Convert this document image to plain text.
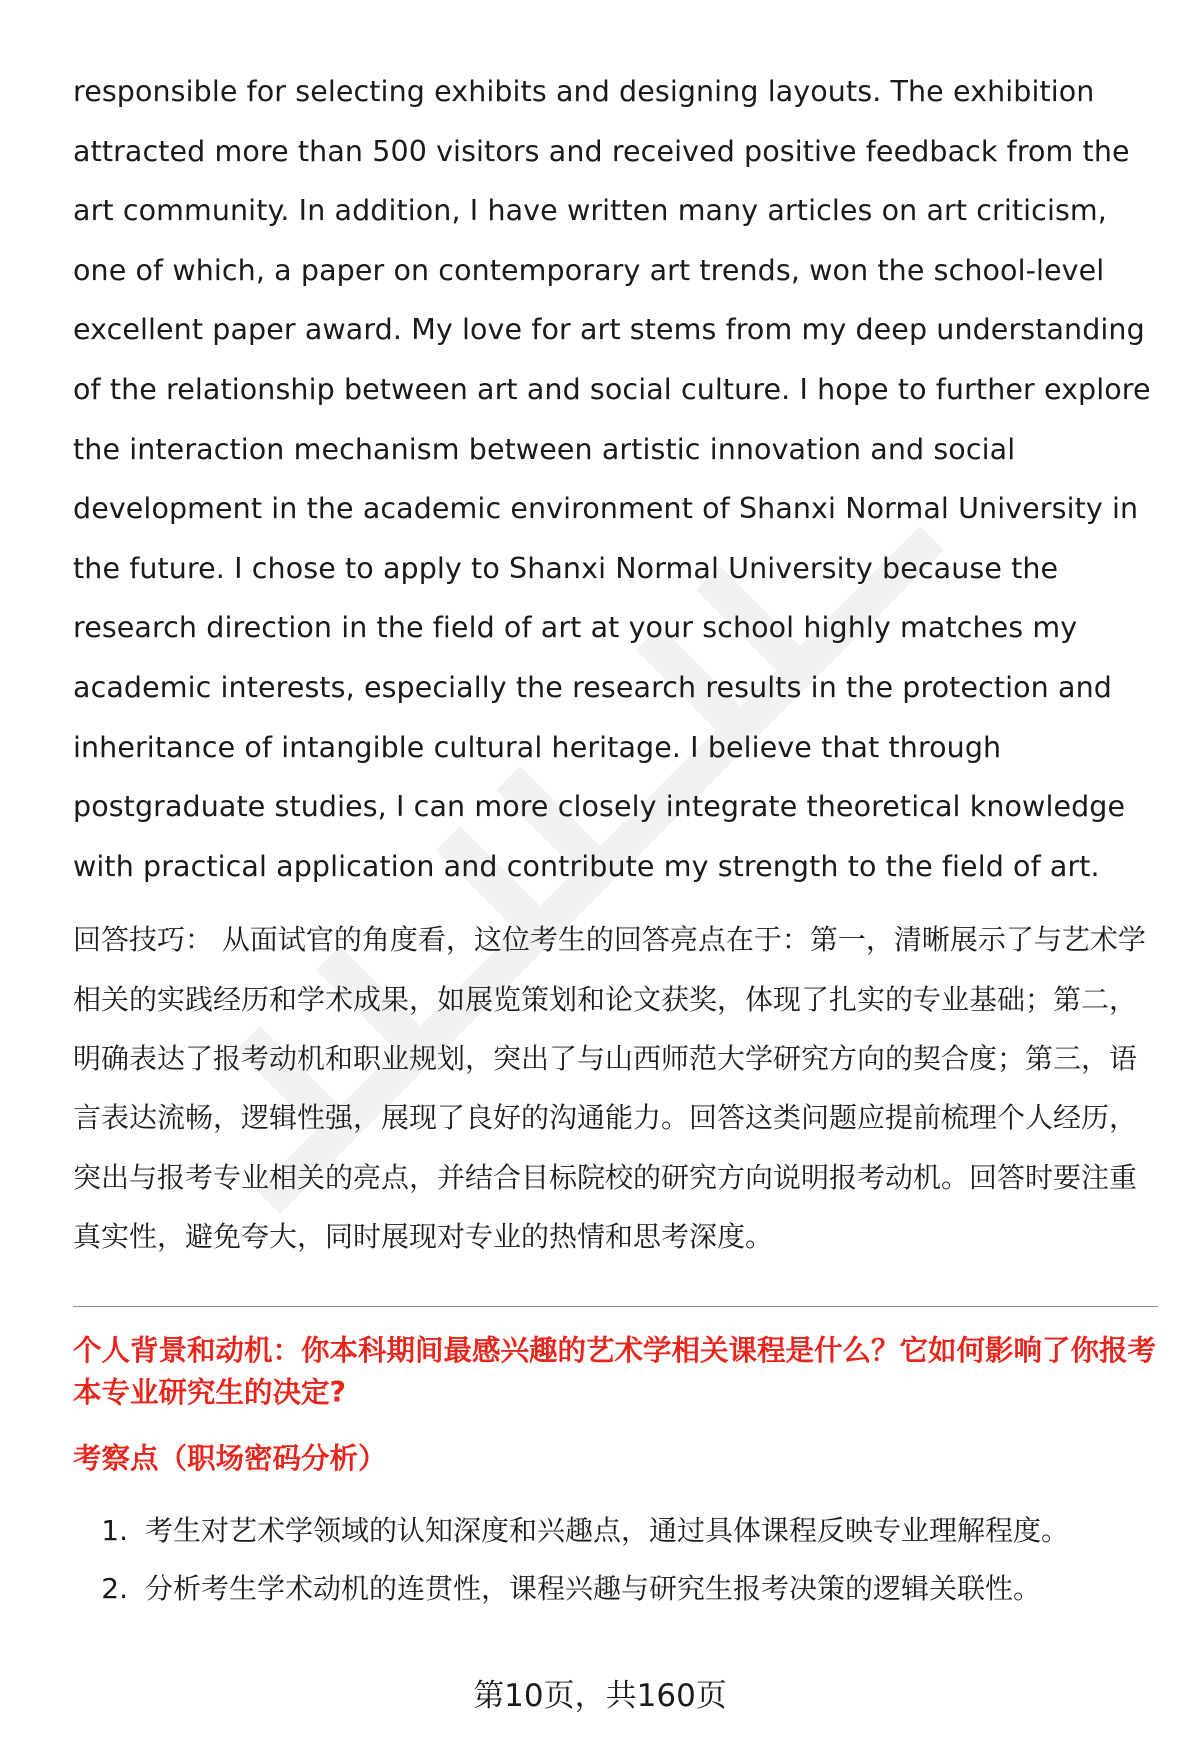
responsible for selecting exhibits and designing layouts. The exhibition attracted more than 500 visitors and received positive feedback from the art community. In addition, I have written many articles on art criticism, one of which, a paper on contemporary art trends, won the school-level excellent paper award. My love for art stems from my deep understanding of the relationship between art and social culture. I hope to further explore the interaction mechanism between artistic innovation and social development in the academic environment of Shanxi Normal University in the future. I chose to apply to Shanxi Normal University because the research direction in the field of art at your school highly matches my academic interests, especially the research results in the protection and inheritance of intangible cultural heritage. I believe that through postgraduate studies, I can more closely integrate theoretical knowledge with practical application and contribute my strength to the field of art.

回答技巧： 从面试官的角度看，这位考生的回答亮点在于：第一，清晰展示了与艺术学相关的实践经历和学术成果，如展览策划和论文获奖，体现了扎实的专业基础；第二，明确表达了报考动机和职业规划，突出了与山西师范大学研究方向的契合度；第三，语言表达流畅，逻辑性强，展现了良好的沟通能力。回答这类问题应提前梳理个人经历，突出与报考专业相关的亮点，并结合目标院校的研究方向说明报考动机。回答时要注重真实性，避免夸大，同时展现对专业的热情和思考深度。

个人背景和动机：你本科期间最感兴趣的艺术学相关课程是什么？它如何影响了你报考本专业研究生的决定?

考察点（职场密码分析）

1. 考生对艺术学领域的认知深度和兴趣点，通过具体课程反映专业理解程度。
2. 分析考生学术动机的连贯性，课程兴趣与研究生报考决策的逻辑关联性。
第10页，共160页
